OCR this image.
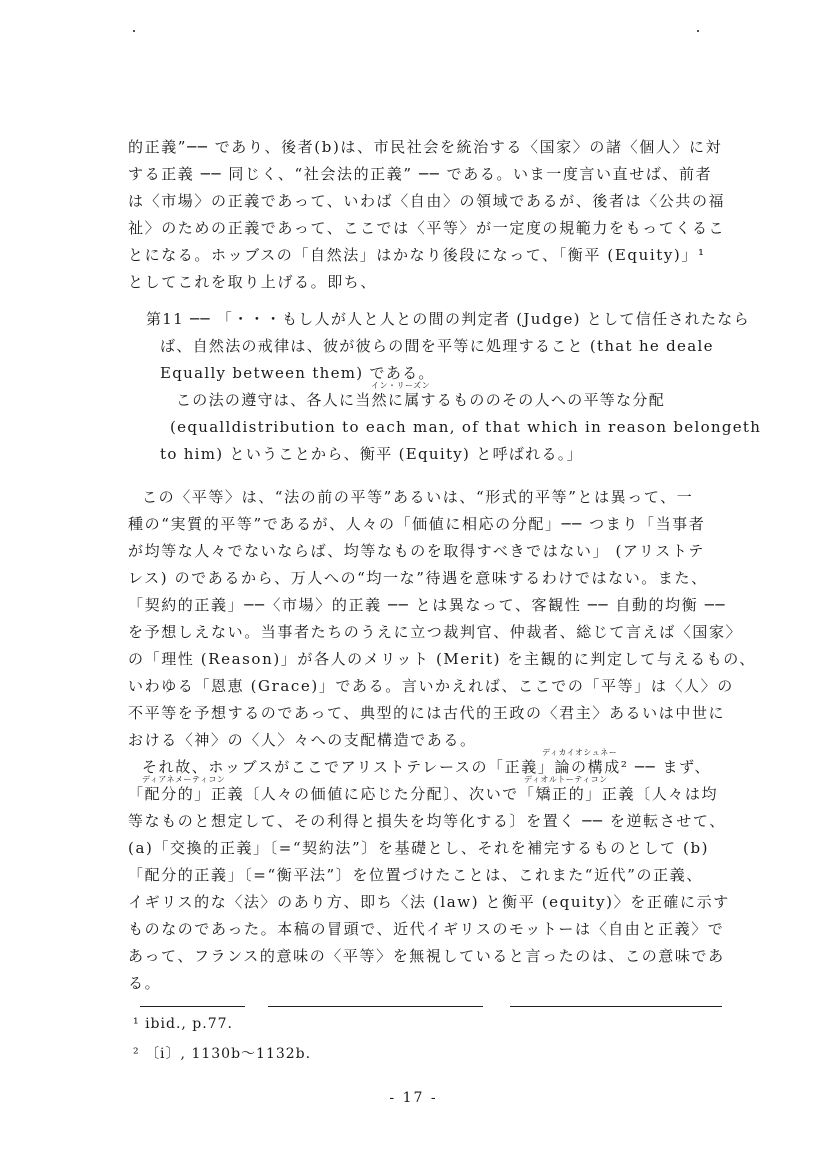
的正義”── であり、後者(b)は、市民社会を統治する〈国家〉の諸〈個人〉に対
する正義 ── 同じく、“社会法的正義” ── である。いま一度言い直せば、前者
は〈市場〉の正義であって、いわば〈自由〉の領域であるが、後者は〈公共の福
祉〉のための正義であって、ここでは〈平等〉が一定度の規範力をもってくるこ
とになる。ホッブスの「自然法」はかなり後段になって、「衡平 (Equity)」¹
としてこれを取り上げる。即ち、
第11 ── 「・・・もし人が人と人との間の判定者 (Judge) として信任されたなら
ば、自然法の戒律は、彼が彼らの間を平等に処理すること (that he deale
Equally between them) である。
イン・リーズン
この法の遵守は、各人に当然に属するもののその人への平等な分配
(equalldistribution to each man, of that which in reason belongeth
to him) ということから、衡平 (Equity) と呼ばれる。」
この〈平等〉は、“法の前の平等”あるいは、“形式的平等”とは異って、一
種の“実質的平等”であるが、人々の「価値に相応の分配」── つまり「当事者
が均等な人々でないならば、均等なものを取得すべきではない」 (アリストテ
レス) のであるから、万人への“均一な”待遇を意味するわけではない。また、
「契約的正義」──〈市場〉的正義 ── とは異なって、客観性 ── 自動的均衡 ──
を予想しえない。当事者たちのうえに立つ裁判官、仲裁者、総じて言えば〈国家〉
の「理性 (Reason)」が各人のメリット (Merit) を主観的に判定して与えるもの、
いわゆる「恩恵 (Grace)」である。言いかえれば、ここでの「平等」は〈人〉の
不平等を予想するのであって、典型的には古代的王政の〈君主〉あるいは中世に
おける〈神〉の〈人〉々への支配構造である。
ディカイオシュネー
それ故、ホッブスがここでアリストテレースの「正義」論の構成² ── まず、
ディアネメーティコン	ディオルトーティコン
「配分的」正義〔人々の価値に応じた分配〕、次いで「矯正的」正義〔人々は均
等なものと想定して、その利得と損失を均等化する〕を置く ── を逆転させて、
(a)「交換的正義」〔=“契約法”〕を基礎とし、それを補完するものとして (b)
「配分的正義」〔=“衡平法”〕を位置づけたことは、これまた“近代”の正義、
イギリス的な〈法〉のあり方、即ち〈法 (law) と衡平 (equity)〉を正確に示す
ものなのであった。本稿の冒頭で、近代イギリスのモットーは〈自由と正義〉で
あって、フランス的意味の〈平等〉を無視していると言ったのは、この意味であ
る。
¹ ibid., p.77.
² 〔i〕, 1130b～1132b.
- 17 -
